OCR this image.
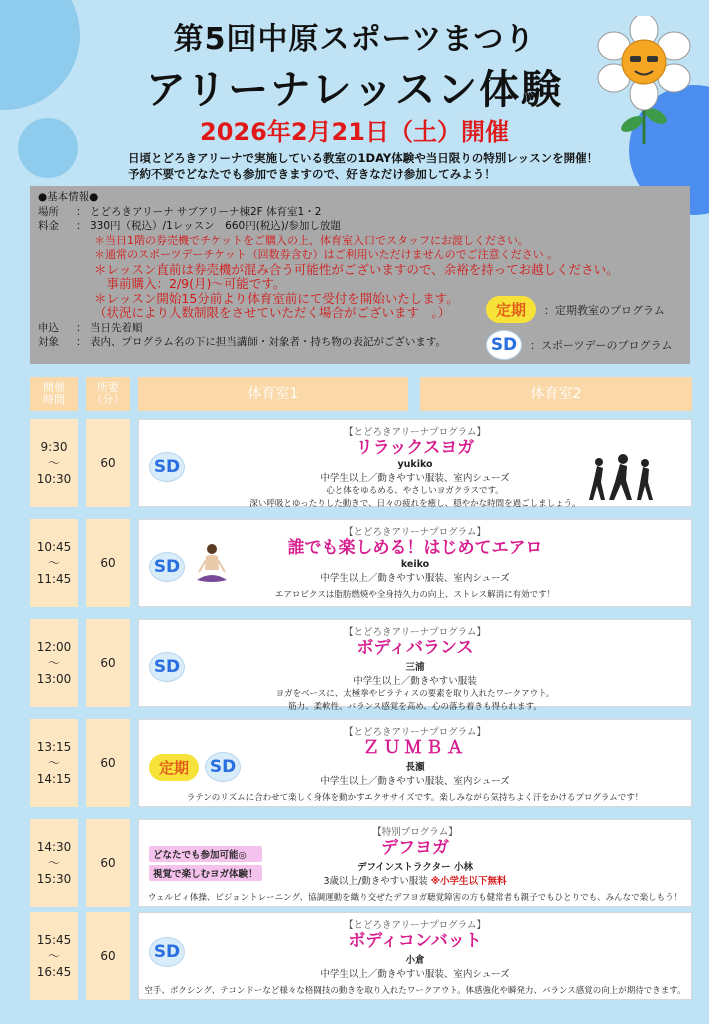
第5回中原スポーツまつり
アリーナレッスン体験
2026年2月21日（土）開催
日頃とどろきアリーナで実施している教室の1DAY体験や当日限りの特別レッスンを開催！
予約不要でどなたでも参加できますので、好きなだけ参加してみよう！
●基本情報●
場所	： とどろきアリーナ サブアリーナ棟2F 体育室1・2
料金	： 330円（税込）/1レッスン　660円(税込)/参加し放題
＊当日1階の券売機でチケットをご購入の上、体育室入口でスタッフにお渡しください。
＊通常のスポーツデーチケット（回数券含む）はご利用いただけませんのでご注意ください 。
＊レッスン直前は券売機が混み合う可能性がございますので、余裕を持ってお越しください。
　事前購入：2/9(月)～可能です。
＊レッスン開始15分前より体育室前にて受付を開始いたします。
（状況により人数制限をさせていただく場合がございます　。）
申込	： 当日先着順
対象	： 表内、プログラム名の下に担当講師・対象者・持ち物の表記がございます。
定期	：定期教室のプログラム
SD	：スポーツデーのプログラム
開催
時間
所要
（分）	体育室1	体育室2
9:30
～
10:30
60	SD
【とどろきアリーナプログラム】
リラックスヨガ
yukiko
中学生以上／動きやすい服装、室内シューズ
心と体をゆるめる、やさしいヨガクラスです。
深い呼吸とゆったりした動きで、日々の疲れを癒し、穏やかな時間を過ごしましょう。
10:45
～
11:45
60	SD
【とどろきアリーナプログラム】
誰でも楽しめる！はじめてエアロ
keiko
中学生以上／動きやすい服装、室内シューズ
エアロビクスは脂肪燃焼や全身持久力の向上、ストレス解消に有効です！
12:00
～
13:00
60	SD
【とどろきアリーナプログラム】
ボディバランス
三浦
中学生以上／動きやすい服装
ヨガをベースに、太極拳やピラティスの要素を取り入れたワークアウト。
筋力、柔軟性、バランス感覚を高め、心の落ち着きも得られます。
13:15
～
14:15
60	定期	SD
【とどろきアリーナプログラム】
ＺＵＭＢＡ
長瀬
中学生以上／動きやすい服装、室内シューズ
ラテンのリズムに合わせて楽しく身体を動かすエクササイズです。楽しみながら気持ちよく汗をかけるプログラムです！
14:30
～
15:30
60
どなたでも参加可能◎
視覚で楽しむヨガ体験！
【特別プログラム】
デフヨガ
デフインストラクター 小林
3歳以上/動きやすい服装 ※小学生以下無料
ウェルビィ体操、ビジョントレーニング、協調運動を織り交ぜたデフヨガ聴覚障害の方も健常者も親子でもひとりでも、みんなで楽しもう！
15:45
～
16:45
60	SD
【とどろきアリーナプログラム】
ボディコンバット
小倉
中学生以上／動きやすい服装、室内シューズ
空手、ボクシング、テコンドーなど様々な格闘技の動きを取り入れたワークアウト。体感強化や瞬発力、バランス感覚の向上が期待できます。
